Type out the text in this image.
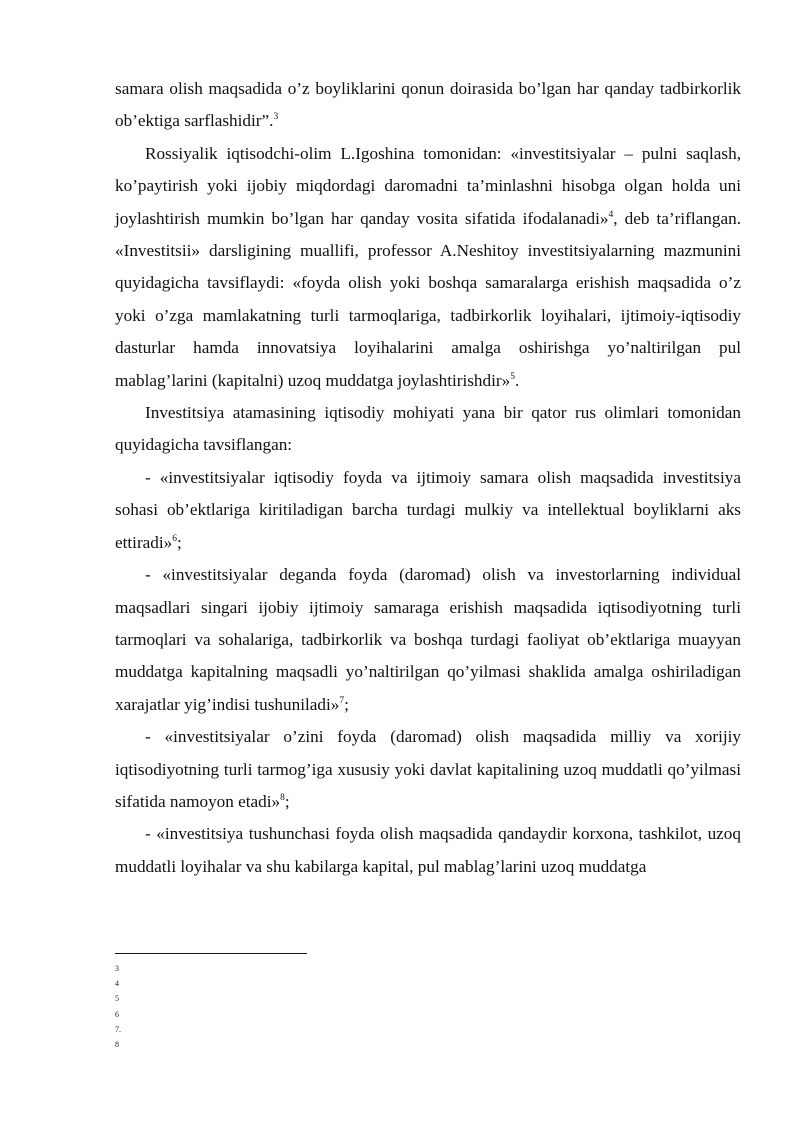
samara olish maqsadida o’z boyliklarini qonun doirasida bo’lgan har qanday tadbirkorlik ob’ektiga sarflashidir”.$^3$

Rossiyalik iqtisodchi-olim L.Igoshina tomonidan: «investitsiyalar – pulni saqlash, ko’paytirish yoki ijobiy miqdordagi daromadni ta’minlashni hisobga olgan holda uni joylashtirish mumkin bo’lgan har qanday vosita sifatida ifodalanadi»$^4$, deb ta’riflangan. «Investitsii» darsligining muallifi, professor A.Neshitoy investitsiyalarning mazmunini quyidagicha tavsiflaydi: «foyda olish yoki boshqa samaralarga erishish maqsadida o’z yoki o’zga mamlakatning turli tarmoqlariga, tadbirkorlik loyihalari, ijtimoiy-iqtisodiy dasturlar hamda innovatsiya loyihalarini amalga oshirishga yo’naltirilgan pul mablag’larini (kapitalni) uzoq muddatga joylashtirishdir»$^5$.

Investitsiya atamasining iqtisodiy mohiyati yana bir qator rus olimlari tomonidan quyidagicha tavsiflangan:

- «investitsiyalar iqtisodiy foyda va ijtimoiy samara olish maqsadida investitsiya sohasi ob’ektlariga kiritiladigan barcha turdagi mulkiy va intellektual boyliklarni aks ettiradi»$^6$;

- «investitsiyalar deganda foyda (daromad) olish va investorlarning individual maqsadlari singari ijobiy ijtimoiy samaraga erishish maqsadida iqtisodiyotning turli tarmoqlari va sohalariga, tadbirkorlik va boshqa turdagi faoliyat ob’ektlariga muayyan muddatga kapitalning maqsadli yo’naltirilgan qo’yilmasi shaklida amalga oshiriladigan xarajatlar yig’indisi tushuniladi»$^7$;

- «investitsiyalar o’zini foyda (daromad) olish maqsadida milliy va xorijiy iqtisodiyotning turli tarmog’iga xususiy yoki davlat kapitalining uzoq muddatli qo’yilmasi sifatida namoyon etadi»$^8$;

- «investitsiya tushunchasi foyda olish maqsadida qandaydir korxona, tashkilot, uzoq muddatli loyihalar va shu kabilarga kapital, pul mablag’larini uzoq muddatga

3
4
5
6
7.
8
